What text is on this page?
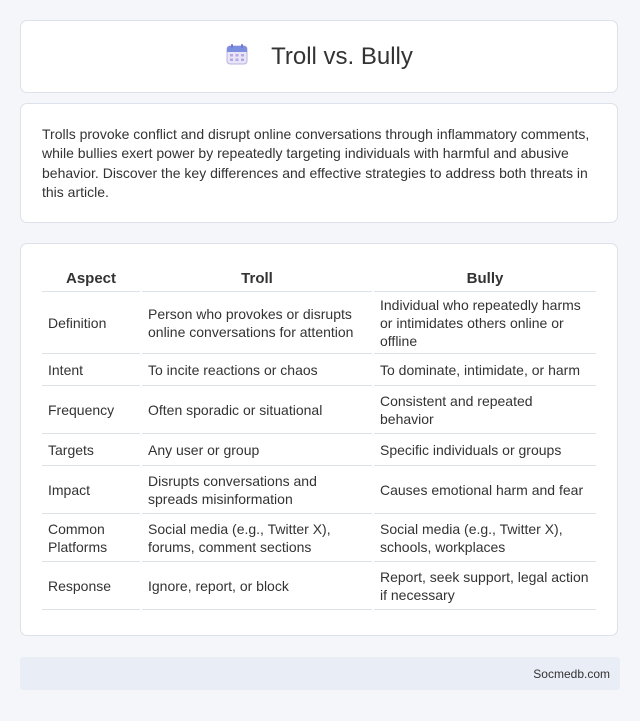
Troll vs. Bully

Trolls provoke conflict and disrupt online conversations through inflammatory comments, while bullies exert power by repeatedly targeting individuals with harmful and abusive behavior. Discover the key differences and effective strategies to address both threats in this article.

Aspect	Troll	Bully
Definition	Person who provokes or disrupts online conversations for attention	Individual who repeatedly harms or intimidates others online or offline
Intent	To incite reactions or chaos	To dominate, intimidate, or harm
Frequency	Often sporadic or situational	Consistent and repeated behavior
Targets	Any user or group	Specific individuals or groups
Impact	Disrupts conversations and spreads misinformation	Causes emotional harm and fear
Common Platforms	Social media (e.g., Twitter X), forums, comment sections	Social media (e.g., Twitter X), schools, workplaces
Response	Ignore, report, or block	Report, seek support, legal action if necessary
Socmedb.com
